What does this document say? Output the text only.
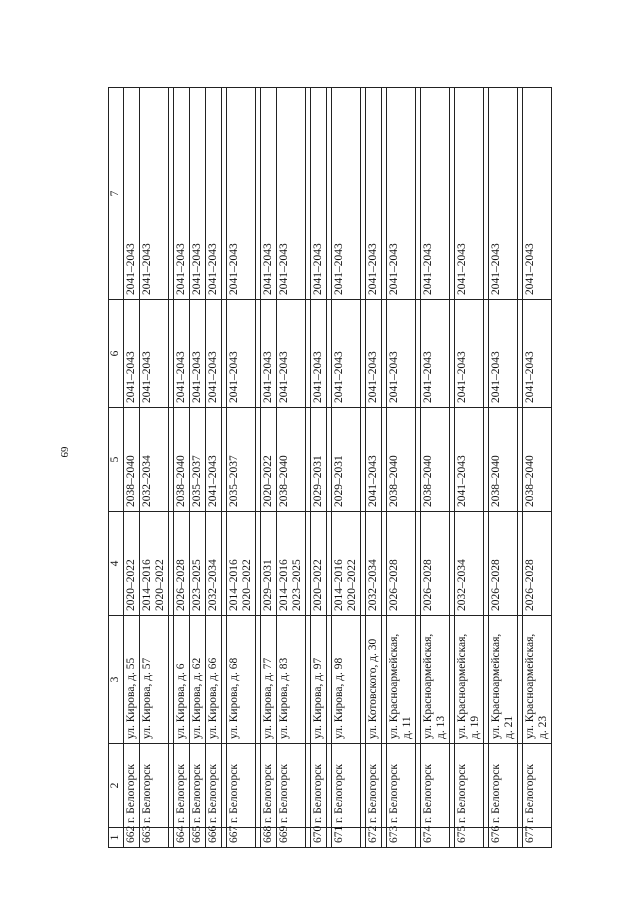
69
1	2	3	4	5	6	7
662	г. Белогорск	ул. Кирова, д. 55	2020–2022	2038–2040	2041–2043	2041–2043
663	г. Белогорск	ул. Кирова, д. 57	2014–2016
2020–2022	2032–2034	2041–2043	2041–2043

664	г. Белогорск	ул. Кирова, д. 6	2026–2028	2038–2040	2041–2043	2041–2043
665	г. Белогорск	ул. Кирова, д. 62	2023–2025	2035–2037	2041–2043	2041–2043
666	г. Белогорск	ул. Кирова, д. 66	2032–2034	2041–2043	2041–2043	2041–2043

667	г. Белогорск	ул. Кирова, д. 68	2014–2016
2020–2022	2035–2037	2041–2043	2041–2043

668	г. Белогорск	ул. Кирова, д. 77	2029–2031	2020–2022	2041–2043	2041–2043
669	г. Белогорск	ул. Кирова, д. 83	2014–2016
2023–2025	2038–2040	2041–2043	2041–2043

670	г. Белогорск	ул. Кирова, д. 97	2020–2022	2029–2031	2041–2043	2041–2043

671	г. Белогорск	ул. Кирова, д. 98	2014–2016
2020–2022	2029–2031	2041–2043	2041–2043

672	г. Белогорск	ул. Котовского, д. 30	2032–2034	2041–2043	2041–2043	2041–2043

673	г. Белогорск	ул. Красноармейская,
д. 11	2026–2028	2038–2040	2041–2043	2041–2043

674	г. Белогорск	ул. Красноармейская,
д. 13	2026–2028	2038–2040	2041–2043	2041–2043

675	г. Белогорск	ул. Красноармейская,
д. 19	2032–2034	2041–2043	2041–2043	2041–2043

676	г. Белогорск	ул. Красноармейская,
д. 21	2026–2028	2038–2040	2041–2043	2041–2043

677	г. Белогорск	ул. Красноармейская,
д. 23	2026–2028	2038–2040	2041–2043	2041–2043
